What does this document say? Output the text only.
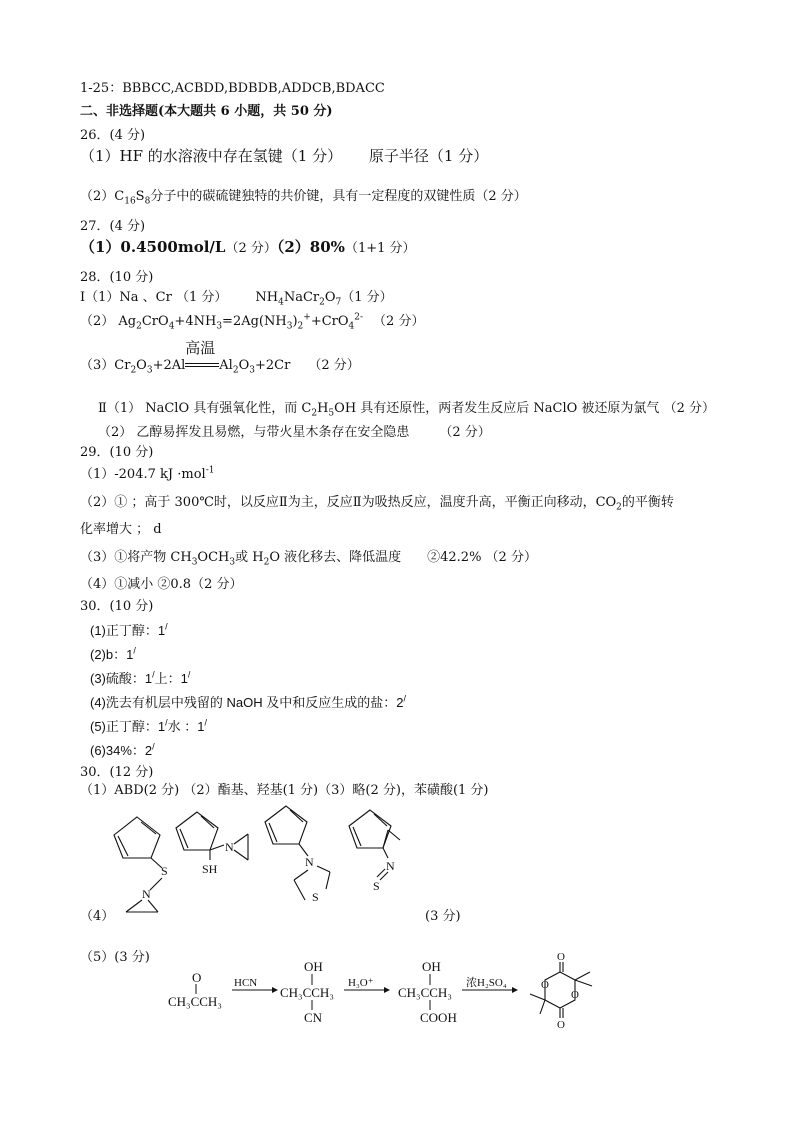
1-25：BBBCC,ACBDD,BDBDB,ADDCB,BDACC
二、非选择题(本大题共 6 小题，共 50 分)
26．(4 分)
（1）HF 的水溶液中存在氢键（1 分） 原子半径（1 分）
$(2)C_{16}S_8$分子中的碳硫键独特的共价键，具有一定程度的双键性质（2 分）
27．(4 分)
（1）0.4500mol/L（2 分）（2）80%（1+1 分）
28．(10 分)
Ⅰ（1）Na 、Cr （1 分） $NH_4NaCr_2O_7(1$ 分）
（2） $Ag_2CrO_4+4NH_3=2Ag(NH_3)_2^++CrO_4^{2-}$ （2 分）
$(3)Cr_2O_3+2Al$
高温
$Al_2O_3+2Cr$ （2 分）
Ⅱ（1） NaClO 具有强氧化性，而 $C_2H_5OH$ 具有还原性，两者发生反应后 NaClO 被还原为氯气 （2 分）
（2） 乙醇易挥发且易燃，与带火星木条存在安全隐患 （2 分）
29．(10 分)
（1）-204.7 kJ ·mol$^{-1}$
（2）① ；高于 300℃时，以反应Ⅱ为主，反应Ⅱ为吸热反应，温度升高，平衡正向移动，$CO_2$的平衡转
化率增大 ； d
（3）①将产物 $CH_3OCH_3$或 $H_2O$ 液化移去、降低温度 ②42.2% （2 分）
（4）①减小 ②0.8（2 分）
30．(10 分)
(1)正丁醇：1/
(2)b：1/
(3)硫酸：1/上：1/
(4)洗去有机层中残留的 NaOH 及中和反应生成的盐：2/
(5)正丁醇：1/水 ：1/
(6)34%：2/
30．(12 分)
（1）ABD(2 分) （2）酯基、羟基(1 分)（3）略(2 分)，苯磺酸(1 分)
S
N
N
SH	N
S
N
S
（4）	(3 分)
（5）(3 分)
O
CH₃CCH₃
HCN
OH
CH₃CCH₃
CN
H₃O⁺
OH
CH₃CCH₃
COOH
浓H₂SO₄
O
O
O
O
